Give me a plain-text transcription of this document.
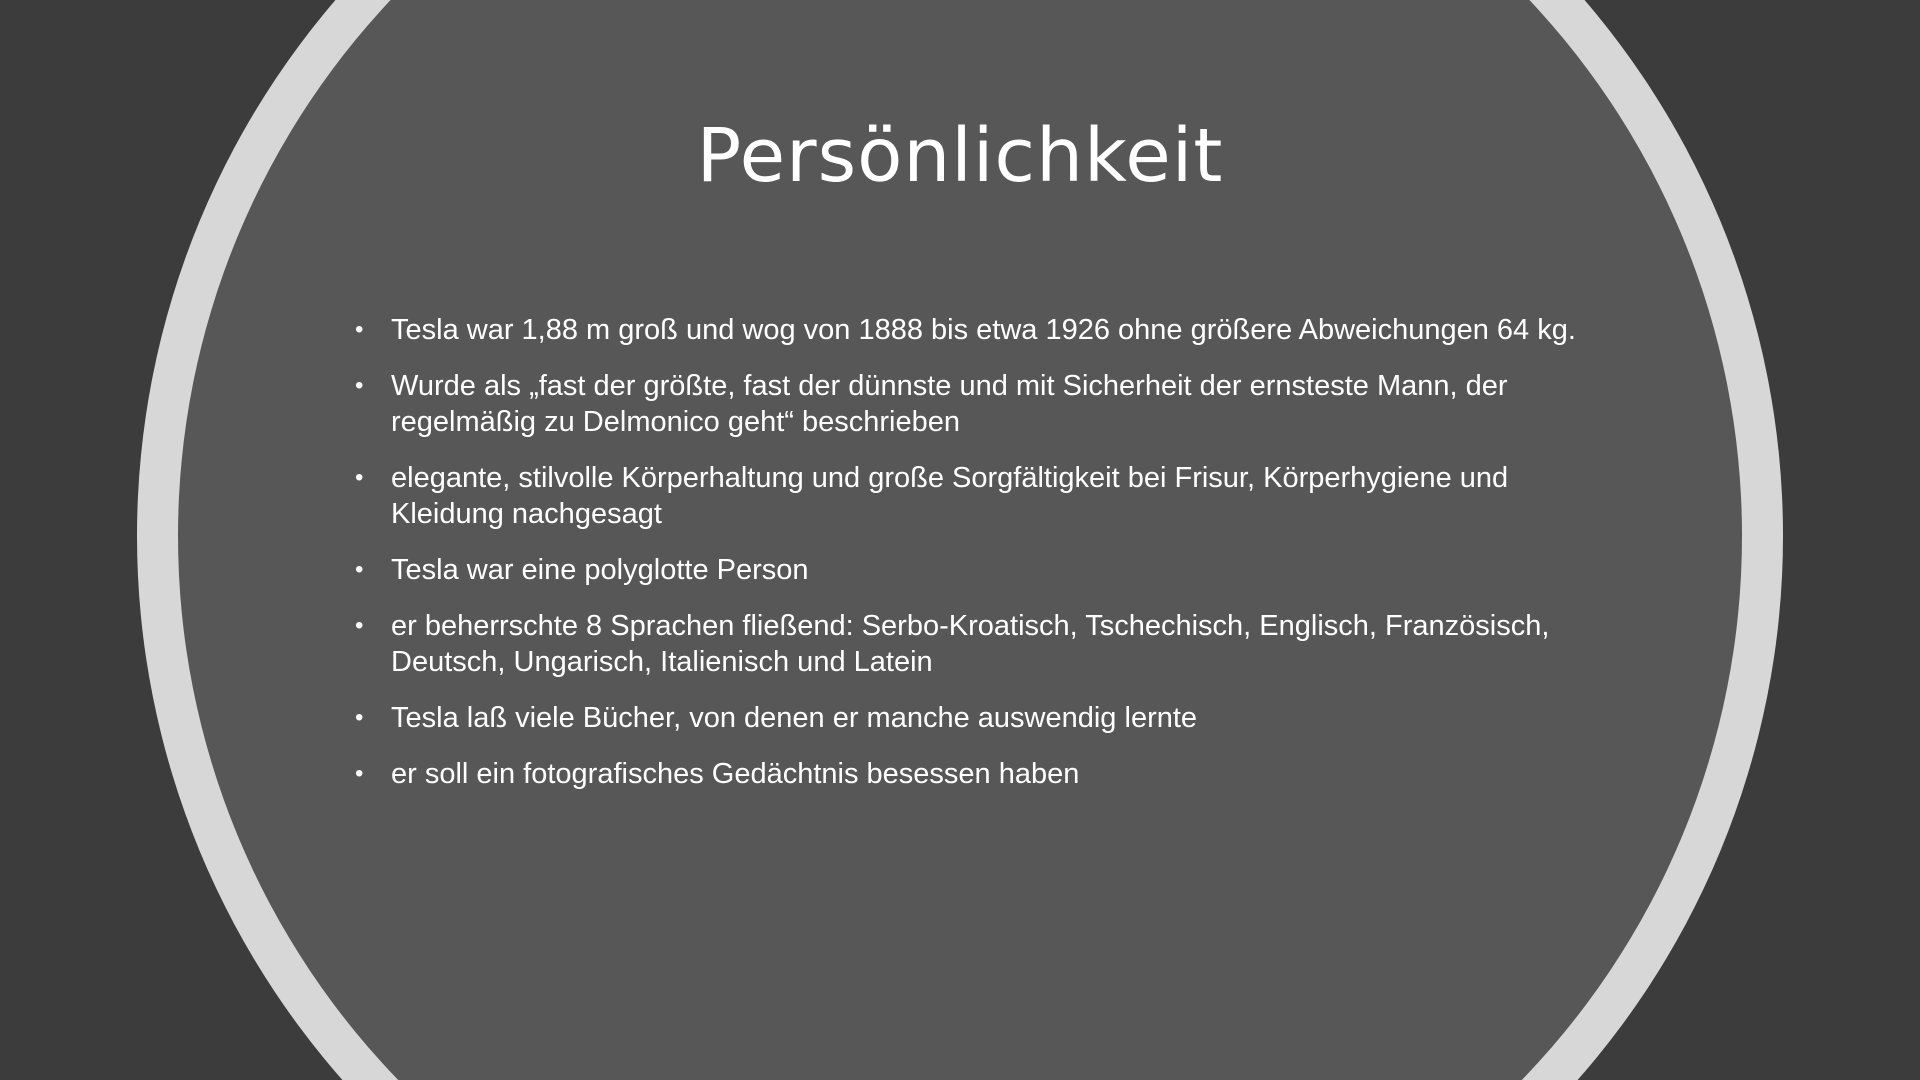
Persönlichkeit
• Tesla war 1,88 m groß und wog von 1888 bis etwa 1926 ohne größere Abweichungen 64 kg.
• Wurde als „fast der größte, fast der dünnste und mit Sicherheit der ernsteste Mann, der regelmäßig zu Delmonico geht“ beschrieben
• elegante, stilvolle Körperhaltung und große Sorgfältigkeit bei Frisur, Körperhygiene und Kleidung nachgesagt
• Tesla war eine polyglotte Person
• er beherrschte 8 Sprachen fließend: Serbo-Kroatisch, Tschechisch, Englisch, Französisch, Deutsch, Ungarisch, Italienisch und Latein
• Tesla laß viele Bücher, von denen er manche auswendig lernte
• er soll ein fotografisches Gedächtnis besessen haben
